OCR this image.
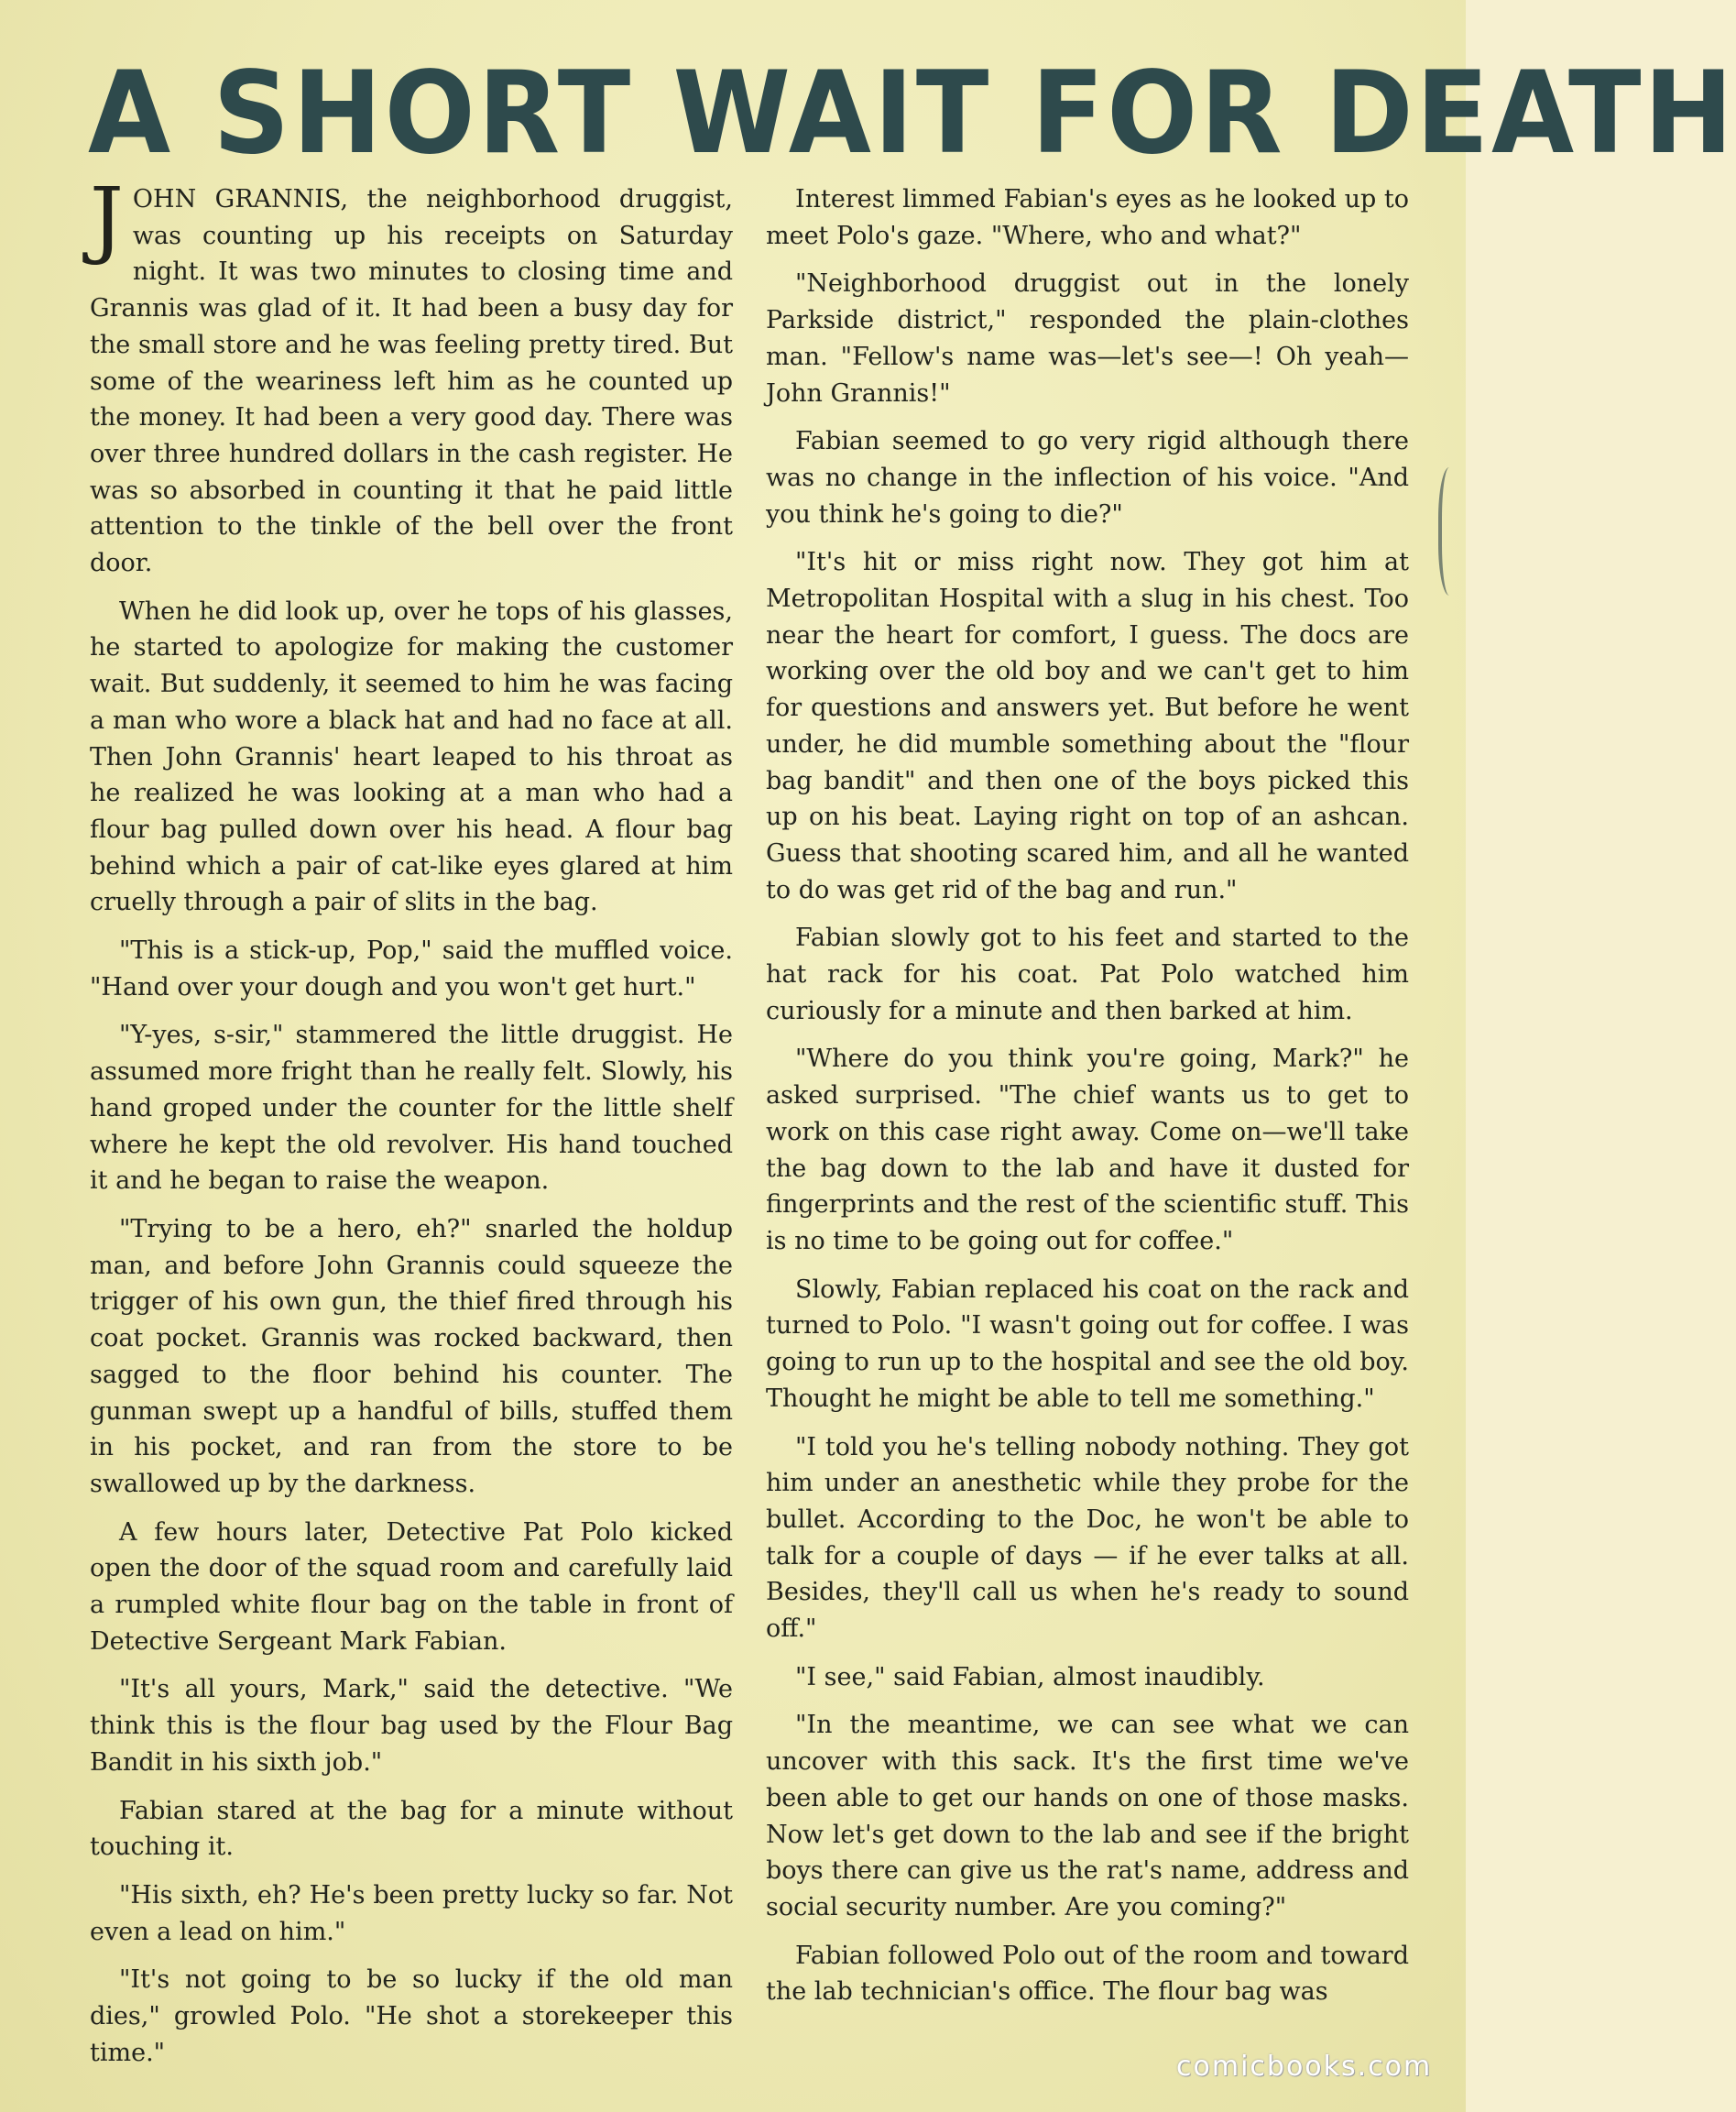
A SHORT WAIT FOR DEATH

JOHN GRANNIS, the neighborhood druggist, was counting up his receipts on Saturday night. It was two minutes to closing time and Grannis was glad of it. It had been a busy day for the small store and he was feeling pretty tired. But some of the weariness left him as he counted up the money. It had been a very good day. There was over three hundred dollars in the cash register. He was so absorbed in counting it that he paid little attention to the tinkle of the bell over the front door.

When he did look up, over he tops of his glasses, he started to apologize for making the customer wait. But suddenly, it seemed to him he was facing a man who wore a black hat and had no face at all. Then John Grannis' heart leaped to his throat as he realized he was looking at a man who had a flour bag pulled down over his head. A flour bag behind which a pair of cat-like eyes glared at him cruelly through a pair of slits in the bag.

"This is a stick-up, Pop," said the muffled voice. "Hand over your dough and you won't get hurt."

"Y-yes, s-sir," stammered the little druggist. He assumed more fright than he really felt. Slowly, his hand groped under the counter for the little shelf where he kept the old revolver. His hand touched it and he began to raise the weapon.

"Trying to be a hero, eh?" snarled the holdup man, and before John Grannis could squeeze the trigger of his own gun, the thief fired through his coat pocket. Grannis was rocked backward, then sagged to the floor behind his counter. The gunman swept up a handful of bills, stuffed them in his pocket, and ran from the store to be swallowed up by the darkness.

A few hours later, Detective Pat Polo kicked open the door of the squad room and carefully laid a rumpled white flour bag on the table in front of Detective Sergeant Mark Fabian.

"It's all yours, Mark," said the detective. "We think this is the flour bag used by the Flour Bag Bandit in his sixth job."

Fabian stared at the bag for a minute without touching it.

"His sixth, eh? He's been pretty lucky so far. Not even a lead on him."

"It's not going to be so lucky if the old man dies," growled Polo. "He shot a storekeeper this time."

Interest limmed Fabian's eyes as he looked up to meet Polo's gaze. "Where, who and what?"

"Neighborhood druggist out in the lonely Parkside district," responded the plain-clothes man. "Fellow's name was—let's see—! Oh yeah—John Grannis!"

Fabian seemed to go very rigid although there was no change in the inflection of his voice. "And you think he's going to die?"

"It's hit or miss right now. They got him at Metropolitan Hospital with a slug in his chest. Too near the heart for comfort, I guess. The docs are working over the old boy and we can't get to him for questions and answers yet. But before he went under, he did mumble something about the "flour bag bandit" and then one of the boys picked this up on his beat. Laying right on top of an ashcan. Guess that shooting scared him, and all he wanted to do was get rid of the bag and run."

Fabian slowly got to his feet and started to the hat rack for his coat. Pat Polo watched him curiously for a minute and then barked at him.

"Where do you think you're going, Mark?" he asked surprised. "The chief wants us to get to work on this case right away. Come on—we'll take the bag down to the lab and have it dusted for fingerprints and the rest of the scientific stuff. This is no time to be going out for coffee."

Slowly, Fabian replaced his coat on the rack and turned to Polo. "I wasn't going out for coffee. I was going to run up to the hospital and see the old boy. Thought he might be able to tell me something."

"I told you he's telling nobody nothing. They got him under an anesthetic while they probe for the bullet. According to the Doc, he won't be able to talk for a couple of days — if he ever talks at all. Besides, they'll call us when he's ready to sound off."

"I see," said Fabian, almost inaudibly.

"In the meantime, we can see what we can uncover with this sack. It's the first time we've been able to get our hands on one of those masks. Now let's get down to the lab and see if the bright boys there can give us the rat's name, address and social security number. Are you coming?"

Fabian followed Polo out of the room and toward the lab technician's office. The flour bag was

comicbooks.com
